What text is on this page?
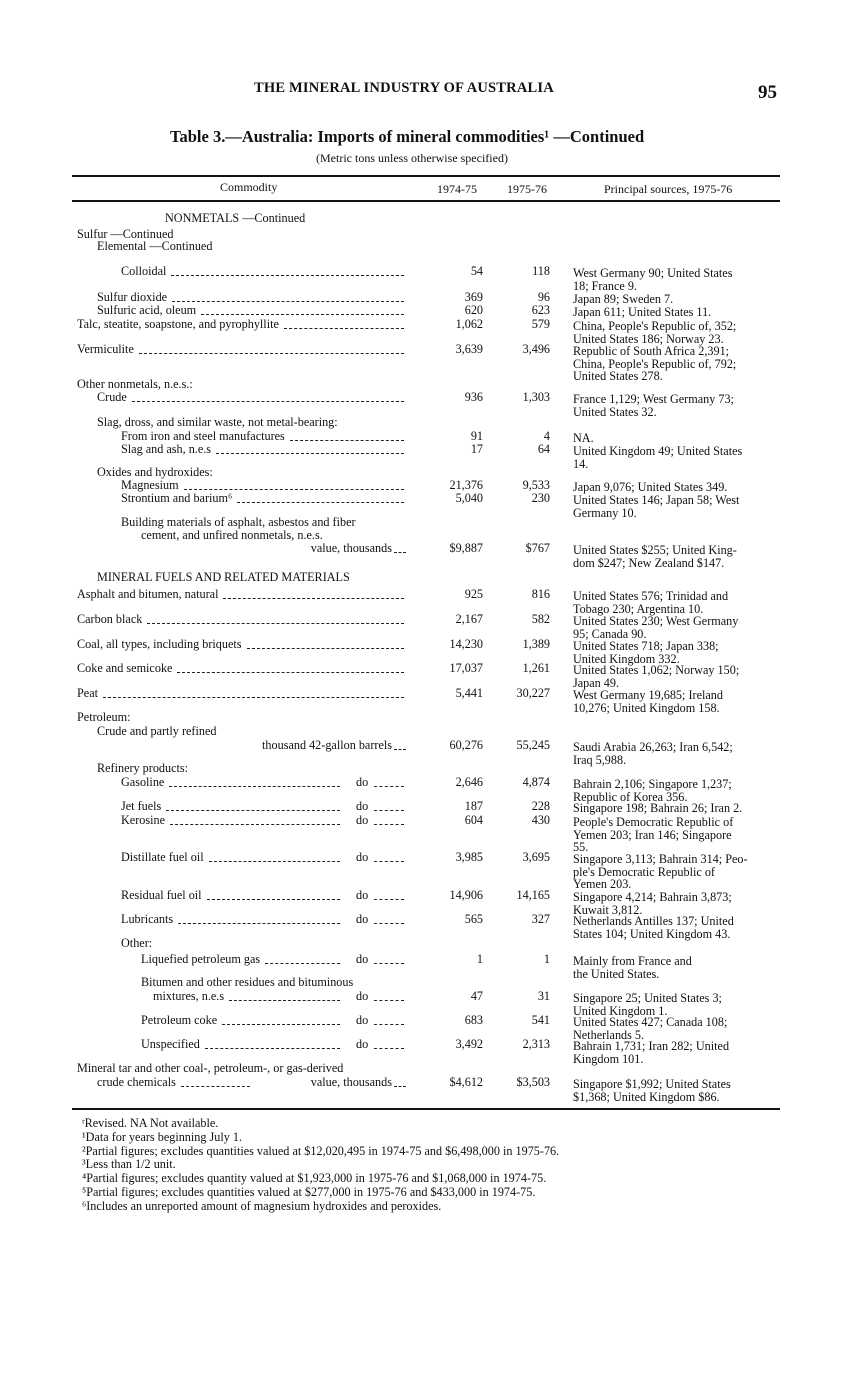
THE MINERAL INDUSTRY OF AUSTRALIA	95
Table 3.—Australia: Imports of mineral commodities¹ —Continued
(Metric tons unless otherwise specified)
Commodity	1974-75	1975-76	Principal sources, 1975-76
NONMETALS —Continued
Sulfur —Continued
Elemental —Continued
Colloidal	54	118 West Germany 90; United States
18; France 9.
Sulfur dioxide	369	96 Japan 89; Sweden 7.
Sulfuric acid, oleum	620	623 Japan 611; United States 11.
Talc, steatite, soapstone, and pyrophyllite	1,062	579 China, People's Republic of, 352;
United States 186; Norway 23.
Vermiculite	3,639	3,496 Republic of South Africa 2,391;
China, People's Republic of, 792;
United States 278.
Other nonmetals, n.e.s.:
Crude	936	1,303 France 1,129; West Germany 73;
United States 32.
Slag, dross, and similar waste, not metal-bearing:
From iron and steel manufactures	91	4 NA.
Slag and ash, n.e.s	17	64 United Kingdom 49; United States
14.
Oxides and hydroxides:
Magnesium	21,376	9,533 Japan 9,076; United States 349.
Strontium and barium⁶	5,040	230 United States 146; Japan 58; West
Germany 10.
Building materials of asphalt, asbestos and fiber
cement, and unfired nonmetals, n.e.s.
value, thousands	$9,887	$767 United States $255; United King-
dom $247; New Zealand $147.
MINERAL FUELS AND RELATED MATERIALS
Asphalt and bitumen, natural	925	816 United States 576; Trinidad and
Tobago 230; Argentina 10.
Carbon black	2,167	582 United States 230; West Germany
95; Canada 90.
Coal, all types, including briquets	14,230	1,389 United States 718; Japan 338;
United Kingdom 332.
Coke and semicoke	17,037	1,261 United States 1,062; Norway 150;
Japan 49.
Peat	5,441	30,227 West Germany 19,685; Ireland
10,276; United Kingdom 158.
Petroleum:
Crude and partly refined
thousand 42-gallon barrels	60,276	55,245 Saudi Arabia 26,263; Iran 6,542;
Iraq 5,988.
Refinery products:
Gasoline	do	2,646	4,874 Bahrain 2,106; Singapore 1,237;
Republic of Korea 356.
Jet fuels	do	187	228 Singapore 198; Bahrain 26; Iran 2.
Kerosine	do	604	430 People's Democratic Republic of
Yemen 203; Iran 146; Singapore
55.
Distillate fuel oil	do	3,985	3,695 Singapore 3,113; Bahrain 314; Peo-
ple's Democratic Republic of
Yemen 203.
Residual fuel oil	do	14,906	14,165 Singapore 4,214; Bahrain 3,873;
Kuwait 3,812.
Lubricants	do	565	327 Netherlands Antilles 137; United
States 104; United Kingdom 43.
Other:
Liquefied petroleum gas	do	1	1 Mainly from France and
the United States.
Bitumen and other residues and bituminous
mixtures, n.e.s	do	47	31 Singapore 25; United States 3;
United Kingdom 1.
Petroleum coke	do	683	541 United States 427; Canada 108;
Netherlands 5.
Unspecified	do	3,492	2,313 Bahrain 1,731; Iran 282; United
Kingdom 101.
Mineral tar and other coal-, petroleum-, or gas-derived
crude chemicals	value, thousands	$4,612	$3,503 Singapore $1,992; United States
$1,368; United Kingdom $86.
ʳRevised. NA Not available.
¹Data for years beginning July 1.
²Partial figures; excludes quantities valued at $12,020,495 in 1974-75 and $6,498,000 in 1975-76.
³Less than 1/2 unit.
⁴Partial figures; excludes quantity valued at $1,923,000 in 1975-76 and $1,068,000 in 1974-75.
⁵Partial figures; excludes quantities valued at $277,000 in 1975-76 and $433,000 in 1974-75.
⁶Includes an unreported amount of magnesium hydroxides and peroxides.
